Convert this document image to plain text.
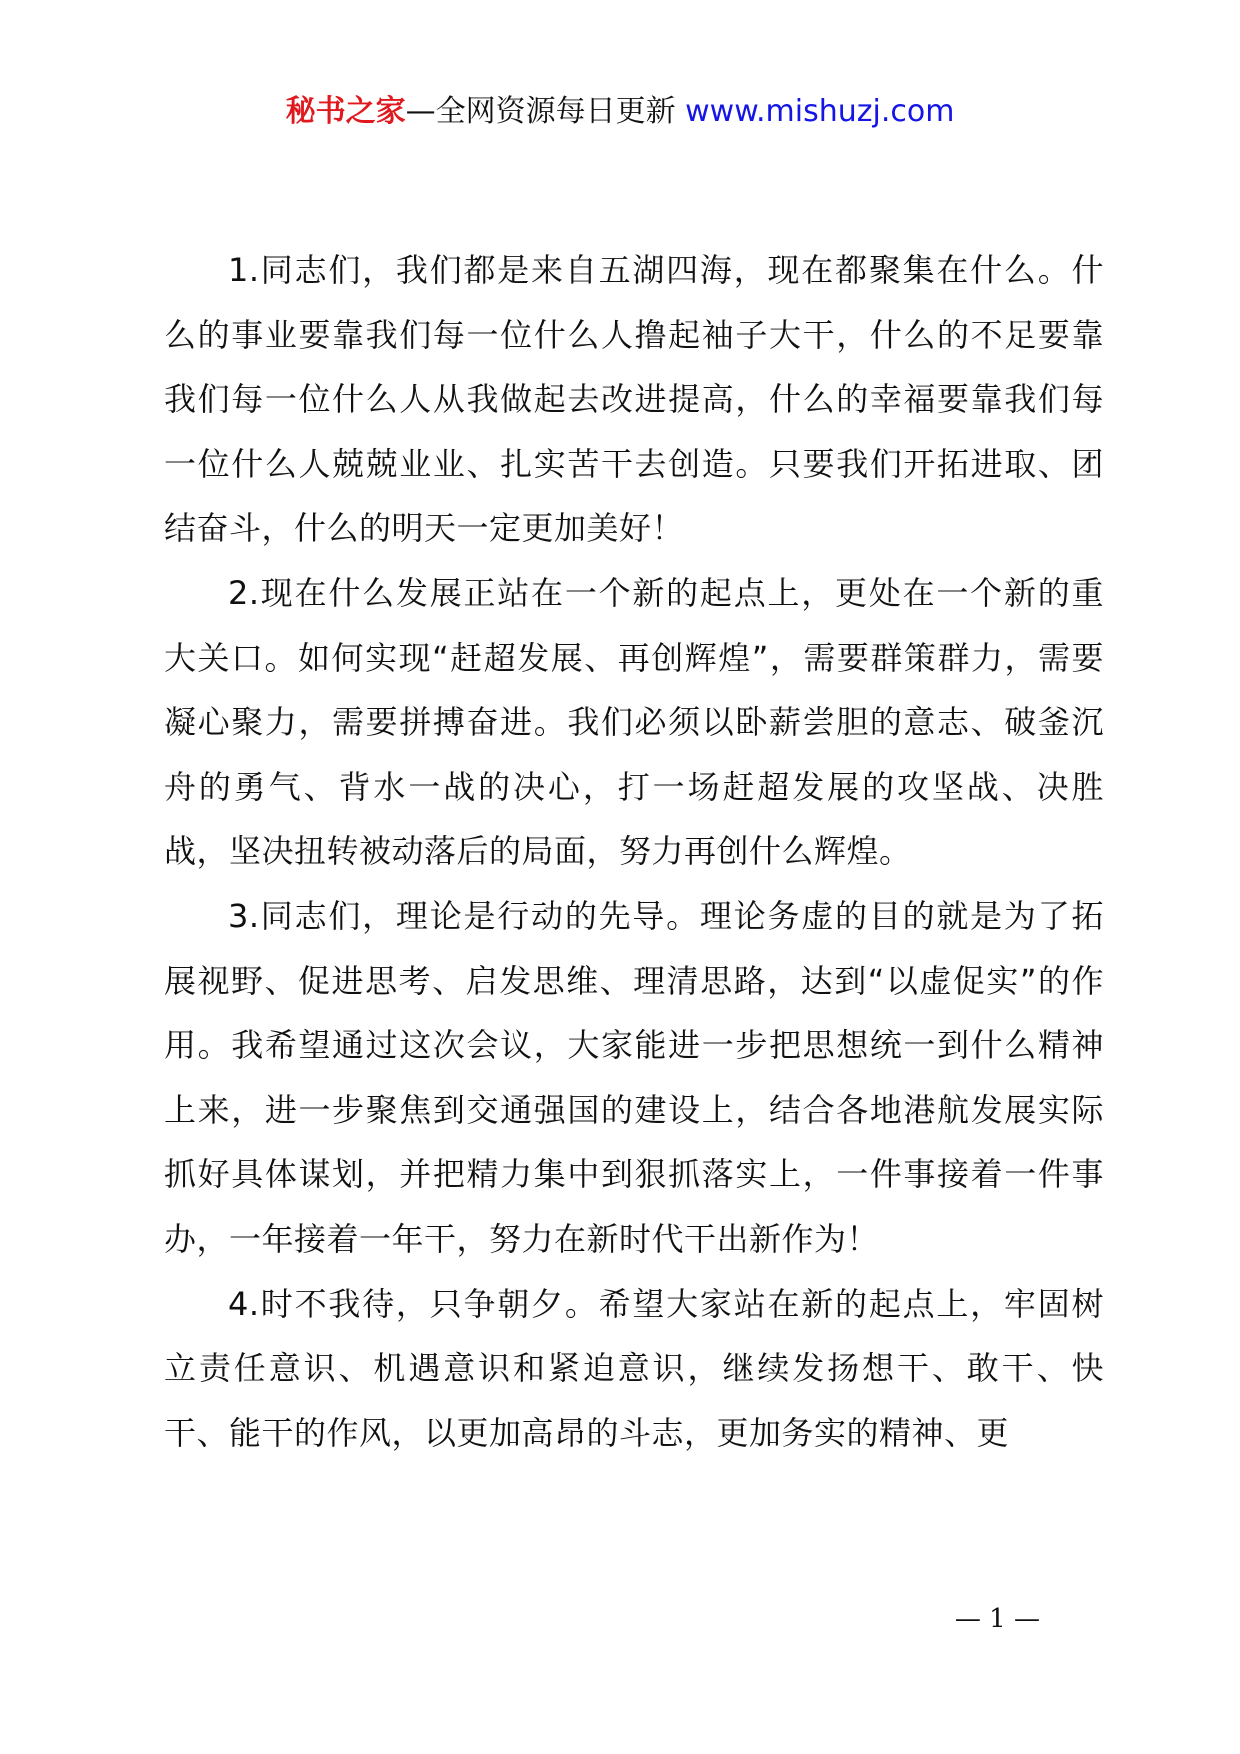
秘书之家—全网资源每日更新 www.mishuzj.com

1.同志们，我们都是来自五湖四海，现在都聚集在什么。什么的事业要靠我们每一位什么人撸起袖子大干，什么的不足要靠我们每一位什么人从我做起去改进提高，什么的幸福要靠我们每一位什么人兢兢业业、扎实苦干去创造。只要我们开拓进取、团结奋斗，什么的明天一定更加美好！

2.现在什么发展正站在一个新的起点上，更处在一个新的重大关口。如何实现“赶超发展、再创辉煌”，需要群策群力，需要凝心聚力，需要拼搏奋进。我们必须以卧薪尝胆的意志、破釜沉舟的勇气、背水一战的决心，打一场赶超发展的攻坚战、决胜战，坚决扭转被动落后的局面，努力再创什么辉煌。

3.同志们，理论是行动的先导。理论务虚的目的就是为了拓展视野、促进思考、启发思维、理清思路，达到“以虚促实”的作用。我希望通过这次会议，大家能进一步把思想统一到什么精神上来，进一步聚焦到交通强国的建设上，结合各地港航发展实际抓好具体谋划，并把精力集中到狠抓落实上，一件事接着一件事办，一年接着一年干，努力在新时代干出新作为！

4.时不我待，只争朝夕。希望大家站在新的起点上，牢固树立责任意识、机遇意识和紧迫意识，继续发扬想干、敢干、快干、能干的作风，以更加高昂的斗志，更加务实的精神、更

— 1 —
